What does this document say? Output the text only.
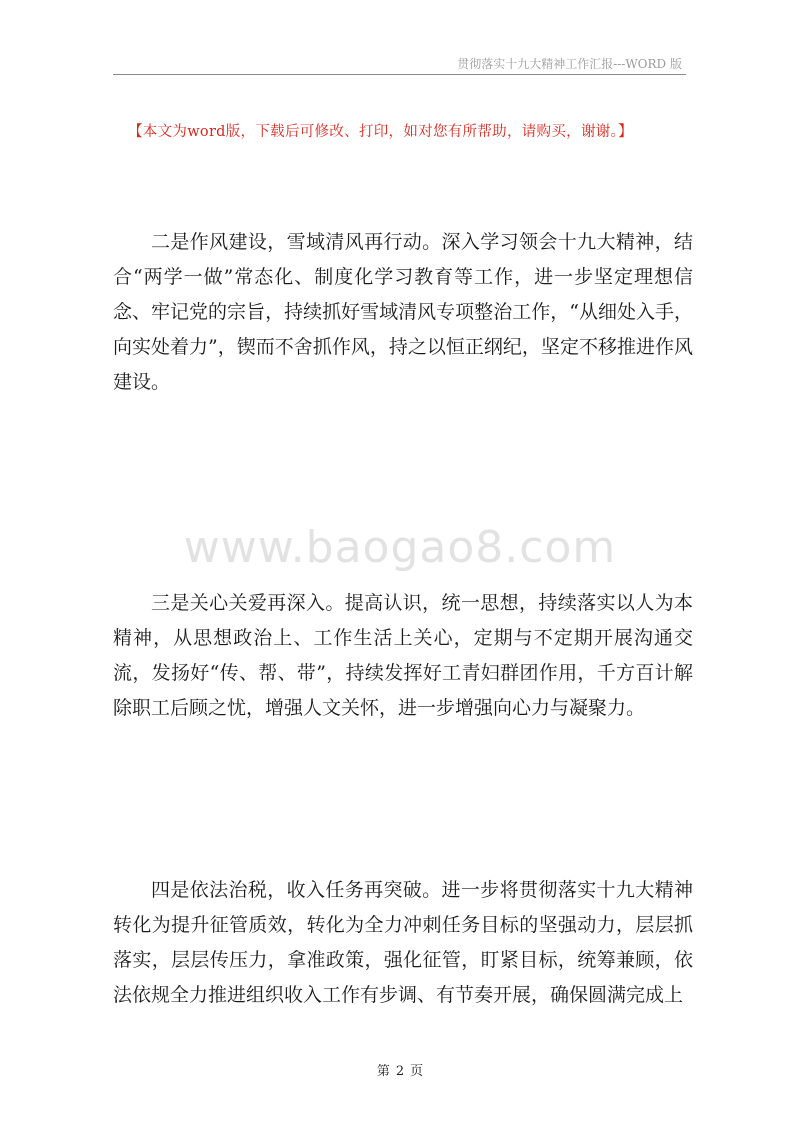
贯彻落实十九大精神工作汇报---WORD 版
【本文为word版，下载后可修改、打印，如对您有所帮助，请购买，谢谢。】

二是作风建设，雪域清风再行动。深入学习领会十九大精神，结合“两学一做”常态化、制度化学习教育等工作，进一步坚定理想信念、牢记党的宗旨，持续抓好雪域清风专项整治工作，“从细处入手，向实处着力”，锲而不舍抓作风，持之以恒正纲纪，坚定不移推进作风建设。

www.baogao8.com

三是关心关爱再深入。提高认识，统一思想，持续落实以人为本精神，从思想政治上、工作生活上关心，定期与不定期开展沟通交流，发扬好“传、帮、带”，持续发挥好工青妇群团作用，千方百计解除职工后顾之忧，增强人文关怀，进一步增强向心力与凝聚力。

四是依法治税，收入任务再突破。进一步将贯彻落实十九大精神转化为提升征管质效，转化为全力冲刺任务目标的坚强动力，层层抓落实，层层传压力，拿准政策，强化征管，盯紧目标，统筹兼顾，依法依规全力推进组织收入工作有步调、有节奏开展，确保圆满完成上

第 2 页
